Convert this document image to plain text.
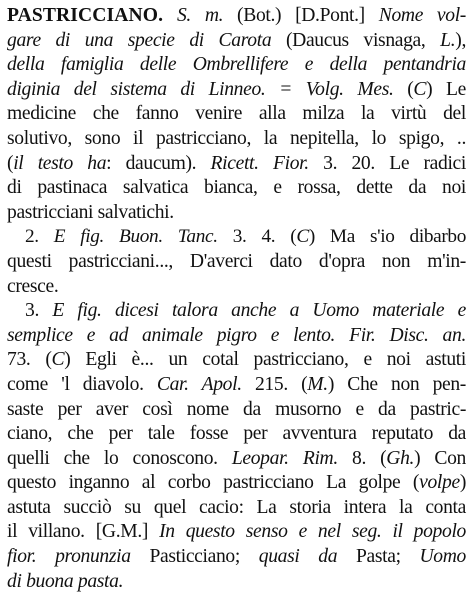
PASTRICCIANO. S. m. (Bot.) [D.Pont.] Nome vol-
gare di una specie di Carota (Daucus visnaga, L.),
della famiglia delle Ombrellifere e della pentandria
diginia del sistema di Linneo. = Volg. Mes. (C) Le
medicine che fanno venire alla milza la virtù del
solutivo, sono il pastricciano, la nepitella, lo spigo, ..
(il testo ha: daucum). Ricett. Fior. 3. 20. Le radici
di pastinaca salvatica bianca, e rossa, dette da noi
pastricciani salvatichi.
2. E fig. Buon. Tanc. 3. 4. (C) Ma s'io dibarbo
questi pastricciani..., D'averci dato d'opra non m'in-
cresce.
3. E fig. dicesi talora anche a Uomo materiale e
semplice e ad animale pigro e lento. Fir. Disc. an.
73. (C) Egli è... un cotal pastricciano, e noi astuti
come 'l diavolo. Car. Apol. 215. (M.) Che non pen-
saste per aver così nome da musorno e da pastric-
ciano, che per tale fosse per avventura reputato da
quelli che lo conoscono. Leopar. Rim. 8. (Gh.) Con
questo inganno al corbo pastricciano La golpe (volpe)
astuta succiò su quel cacio: La storia intera la conta
il villano. [G.M.] In questo senso e nel seg. il popolo
fior. pronunzia Pasticciano; quasi da Pasta; Uomo
di buona pasta.
